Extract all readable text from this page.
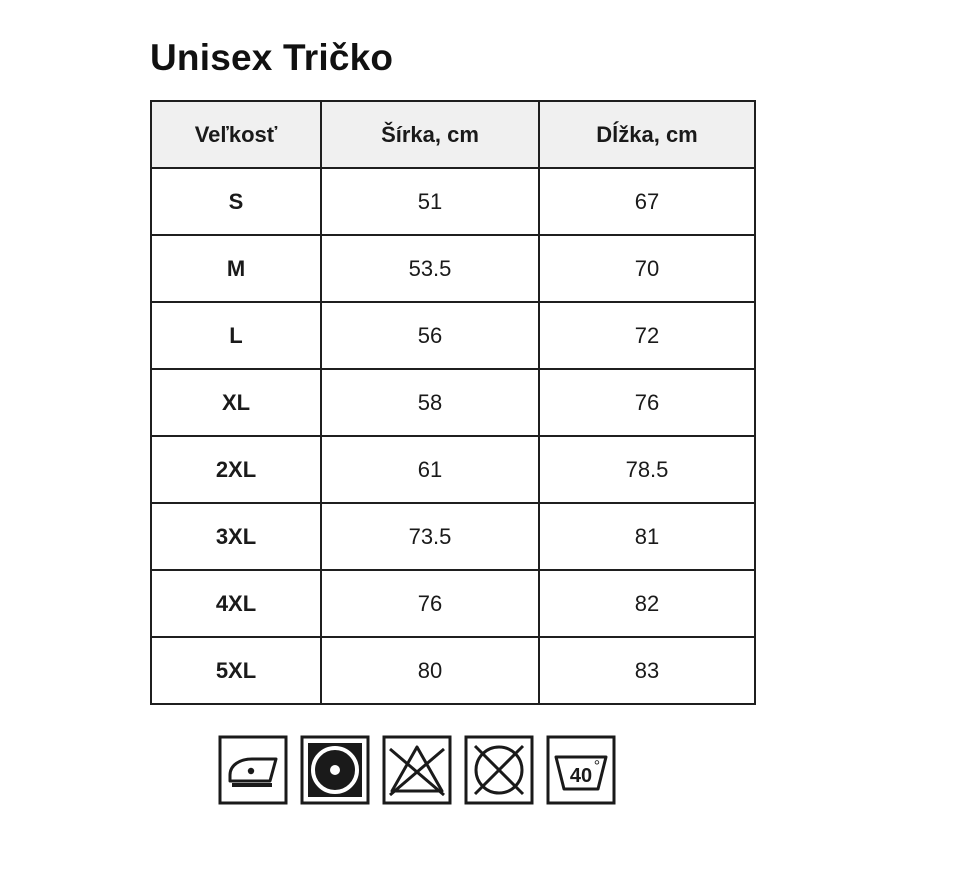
Unisex Tričko
Veľkosť	Šírka, cm	Dĺžka, cm
S	51	67
M	53.5	70
L	56	72
XL	58	76
2XL	61	78.5
3XL	73.5	81
4XL	76	82
5XL	80	83
40 °
